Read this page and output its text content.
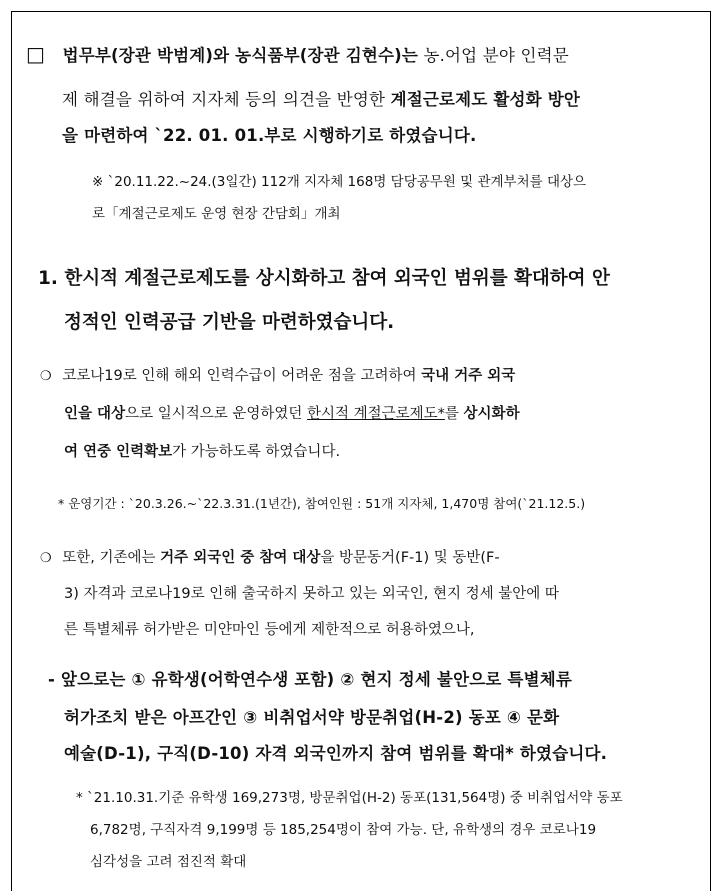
□ 법무부(장관 박범계)와 농식품부(장관 김현수)는 농.어업 분야 인력문
제 해결을 위하여 지자체 등의 의견을 반영한 계절근로제도 활성화 방안
을 마련하여 `22. 01. 01.부로 시행하기로 하였습니다.
※ `20.11.22.~24.(3일간) 112개 지자체 168명 담당공무원 및 관계부처를 대상으
로「계절근로제도 운영 현장 간담회」개최
1. 한시적 계절근로제도를 상시화하고 참여 외국인 범위를 확대하여 안
정적인 인력공급 기반을 마련하였습니다.
❍ 코로나19로 인해 해외 인력수급이 어려운 점을 고려하여 국내 거주 외국
인을 대상으로 일시적으로 운영하였던 한시적 계절근로제도*를 상시화하
여 연중 인력확보가 가능하도록 하였습니다.
* 운영기간 : `20.3.26.~`22.3.31.(1년간), 참여인원 : 51개 지자체, 1,470명 참여(`21.12.5.)
❍ 또한, 기존에는 거주 외국인 중 참여 대상을 방문동거(F-1) 및 동반(F-
3) 자격과 코로나19로 인해 출국하지 못하고 있는 외국인, 현지 정세 불안에 따
른 특별체류 허가받은 미얀마인 등에게 제한적으로 허용하였으나,
- 앞으로는 ① 유학생(어학연수생 포함) ② 현지 정세 불안으로 특별체류
허가조치 받은 아프간인 ③ 비취업서약 방문취업(H-2) 동포 ④ 문화
예술(D-1), 구직(D-10) 자격 외국인까지 참여 범위를 확대* 하였습니다.
* `21.10.31.기준 유학생 169,273명, 방문취업(H-2) 동포(131,564명) 중 비취업서약 동포
6,782명, 구직자격 9,199명 등 185,254명이 참여 가능. 단, 유학생의 경우 코로나19
심각성을 고려 점진적 확대
